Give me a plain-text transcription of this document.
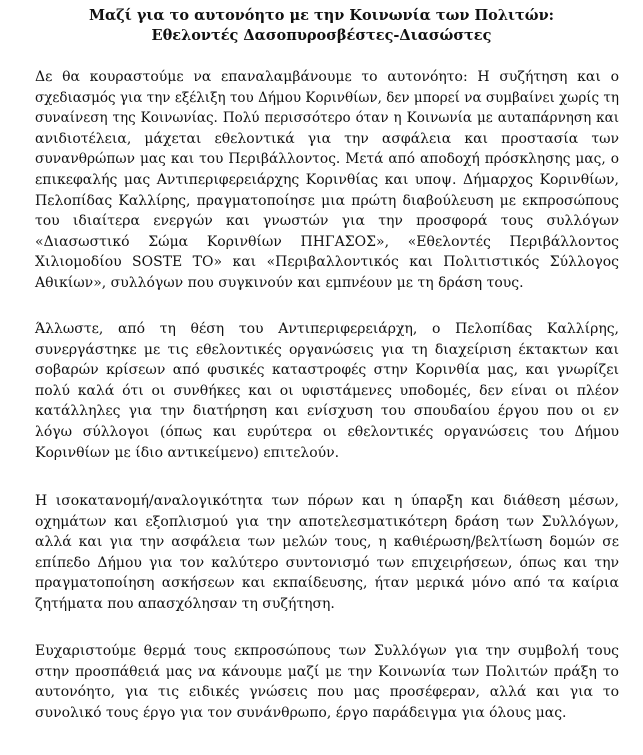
Μαζί για το αυτονόητο με την Κοινωνία των Πολιτών:
Εθελοντές Δασοπυροσβέστες-Διασώστες
Δε θα κουραστούμε να επαναλαμβάνουμε το αυτονόητο: Η συζήτηση και ο
σχεδιασμός για την εξέλιξη του Δήμου Κορινθίων, δεν μπορεί να συμβαίνει χωρίς τη
συναίνεση της Κοινωνίας. Πολύ περισσότερο όταν η Κοινωνία με αυταπάρνηση και
ανιδιοτέλεια, μάχεται εθελοντικά για την ασφάλεια και προστασία των
συνανθρώπων μας και του Περιβάλλοντος. Μετά από αποδοχή πρόσκλησης μας, ο
επικεφαλής μας Αντιπεριφερειάρχης Κορινθίας και υποψ. Δήμαρχος Κορινθίων,
Πελοπίδας Καλλίρης, πραγματοποίησε μια πρώτη διαβούλευση με εκπροσώπους
του ιδιαίτερα ενεργών και γνωστών για την προσφορά τους συλλόγων
«Διασωστικό Σώμα Κορινθίων ΠΗΓΑΣΟΣ», «Εθελοντές Περιβάλλοντος
Χιλιομοδίου SOSTE TO» και «Περιβαλλοντικός και Πολιτιστικός Σύλλογος
Αθικίων», συλλόγων που συγκινούν και εμπνέουν με τη δράση τους.
Άλλωστε, από τη θέση του Αντιπεριφερειάρχη, ο Πελοπίδας Καλλίρης,
συνεργάστηκε με τις εθελοντικές οργανώσεις για τη διαχείριση έκτακτων και
σοβαρών κρίσεων από φυσικές καταστροφές στην Κορινθία μας, και γνωρίζει
πολύ καλά ότι οι συνθήκες και οι υφιστάμενες υποδομές, δεν είναι οι πλέον
κατάλληλες για την διατήρηση και ενίσχυση του σπουδαίου έργου που οι εν
λόγω σύλλογοι (όπως και ευρύτερα οι εθελοντικές οργανώσεις του Δήμου
Κορινθίων με ίδιο αντικείμενο) επιτελούν.
Η ισοκατανομή/αναλογικότητα των πόρων και η ύπαρξη και διάθεση μέσων,
οχημάτων και εξοπλισμού για την αποτελεσματικότερη δράση των Συλλόγων,
αλλά και για την ασφάλεια των μελών τους, η καθιέρωση/βελτίωση δομών σε
επίπεδο Δήμου για τον καλύτερο συντονισμό των επιχειρήσεων, όπως και την
πραγματοποίηση ασκήσεων και εκπαίδευσης, ήταν μερικά μόνο από τα καίρια
ζητήματα που απασχόλησαν τη συζήτηση.
Ευχαριστούμε θερμά τους εκπροσώπους των Συλλόγων για την συμβολή τους
στην προσπάθειά μας να κάνουμε μαζί με την Κοινωνία των Πολιτών πράξη το
αυτονόητο, για τις ειδικές γνώσεις που μας προσέφεραν, αλλά και για το
συνολικό τους έργο για τον συνάνθρωπο, έργο παράδειγμα για όλους μας.
